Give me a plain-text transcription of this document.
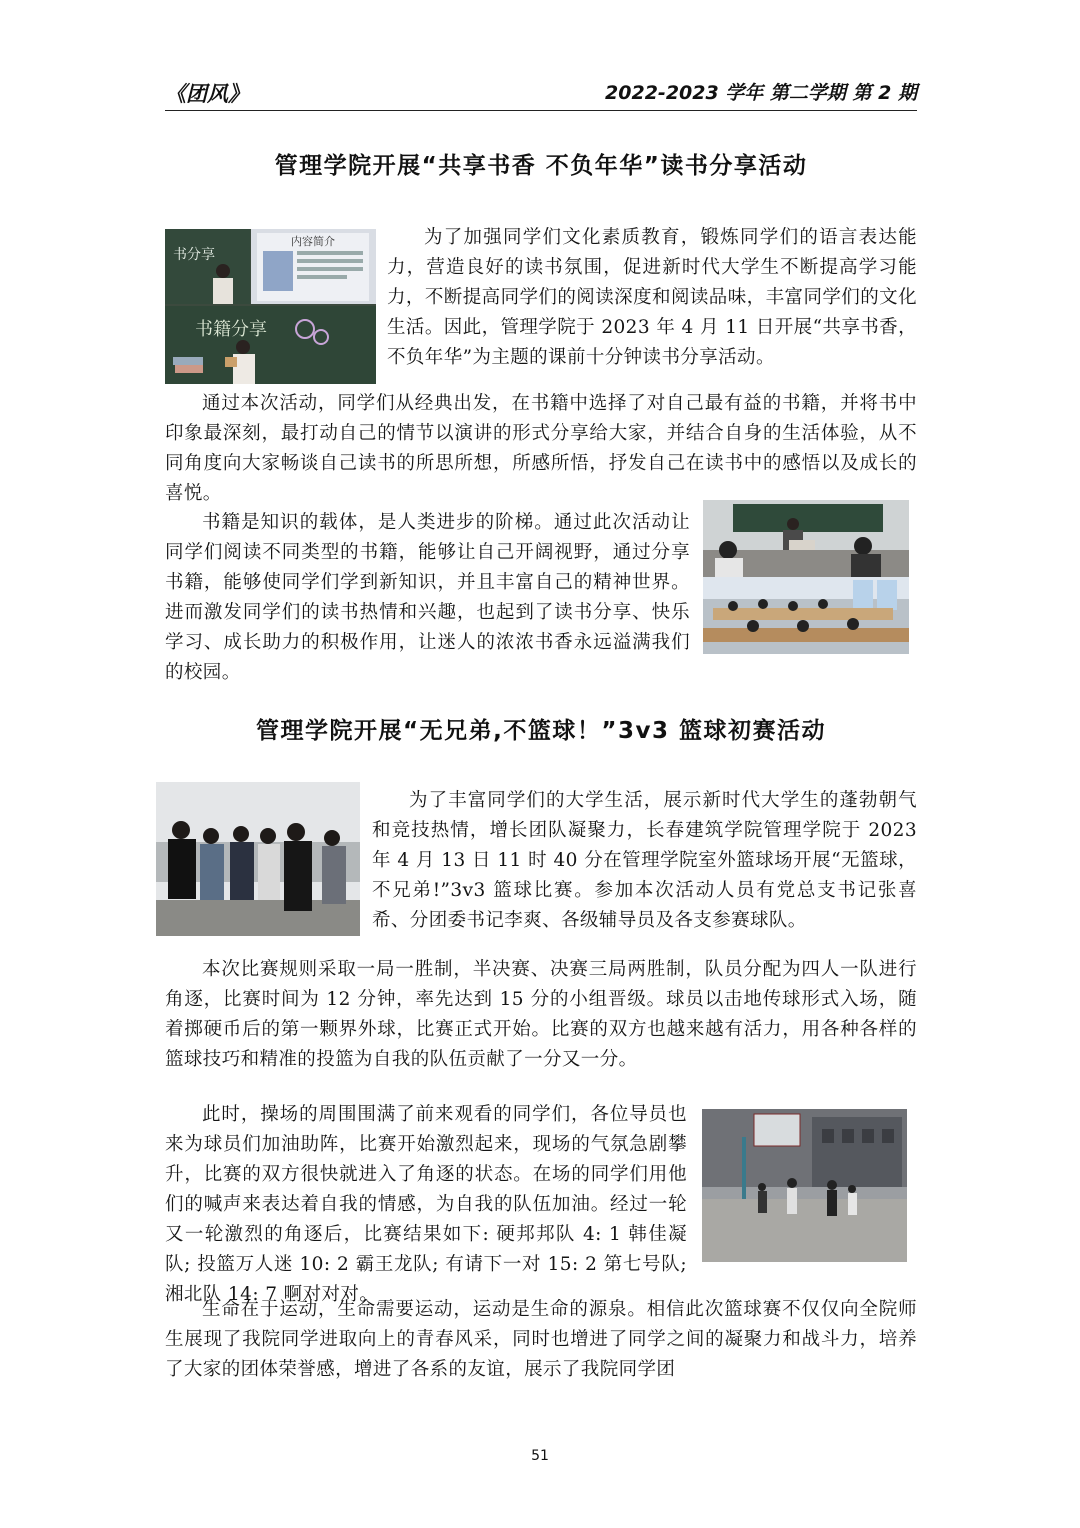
《团风》	2022-2023 学年 第二学期 第 2 期
管理学院开展“共享书香 不负年华”读书分享活动
内容简介
书分享
书籍分享

为了加强同学们文化素质教育，锻炼同学们的语言表达能力，营造良好的读书氛围，促进新时代大学生不断提高学习能力，不断提高同学们的阅读深度和阅读品味，丰富同学们的文化生活。因此，管理学院于 2023 年 4 月 11 日开展“共享书香，不负年华”为主题的课前十分钟读书分享活动。

通过本次活动，同学们从经典出发，在书籍中选择了对自己最有益的书籍，并将书中印象最深刻，最打动自己的情节以演讲的形式分享给大家，并结合自身的生活体验，从不同角度向大家畅谈自己读书的所思所想，所感所悟，抒发自己在读书中的感悟以及成长的喜悦。

书籍是知识的载体，是人类进步的阶梯。通过此次活动让同学们阅读不同类型的书籍，能够让自己开阔视野，通过分享书籍，能够使同学们学到新知识，并且丰富自己的精神世界。进而激发同学们的读书热情和兴趣，也起到了读书分享、快乐学习、成长助力的积极作用，让迷人的浓浓书香永远溢满我们的校园。

管理学院开展“无兄弟,不篮球！”3v3 篮球初赛活动

为了丰富同学们的大学生活，展示新时代大学生的蓬勃朝气和竞技热情，增长团队凝聚力，长春建筑学院管理学院于 2023 年 4 月 13 日 11 时 40 分在管理学院室外篮球场开展“无篮球，不兄弟!”3v3 篮球比赛。参加本次活动人员有党总支书记张喜希、分团委书记李爽、各级辅导员及各支参赛球队。

本次比赛规则采取一局一胜制，半决赛、决赛三局两胜制，队员分配为四人一队进行角逐，比赛时间为 12 分钟，率先达到 15 分的小组晋级。球员以击地传球形式入场，随着掷硬币后的第一颗界外球，比赛正式开始。比赛的双方也越来越有活力，用各种各样的篮球技巧和精准的投篮为自我的队伍贡献了一分又一分。

此时，操场的周围围满了前来观看的同学们，各位导员也来为球员们加油助阵，比赛开始激烈起来，现场的气氛急剧攀升，比赛的双方很快就进入了角逐的状态。在场的同学们用他们的喊声来表达着自我的情感，为自我的队伍加油。经过一轮又一轮激烈的角逐后，比赛结果如下: 硬邦邦队 4: 1 韩佳凝队; 投篮万人迷 10: 2 霸王龙队; 有请下一对 15: 2 第七号队; 湘北队 14: 7 啊对对对。

生命在于运动，生命需要运动，运动是生命的源泉。相信此次篮球赛不仅仅向全院师生展现了我院同学进取向上的青春风采，同时也增进了同学之间的凝聚力和战斗力，培养了大家的团体荣誉感，增进了各系的友谊，展示了我院同学团

51
